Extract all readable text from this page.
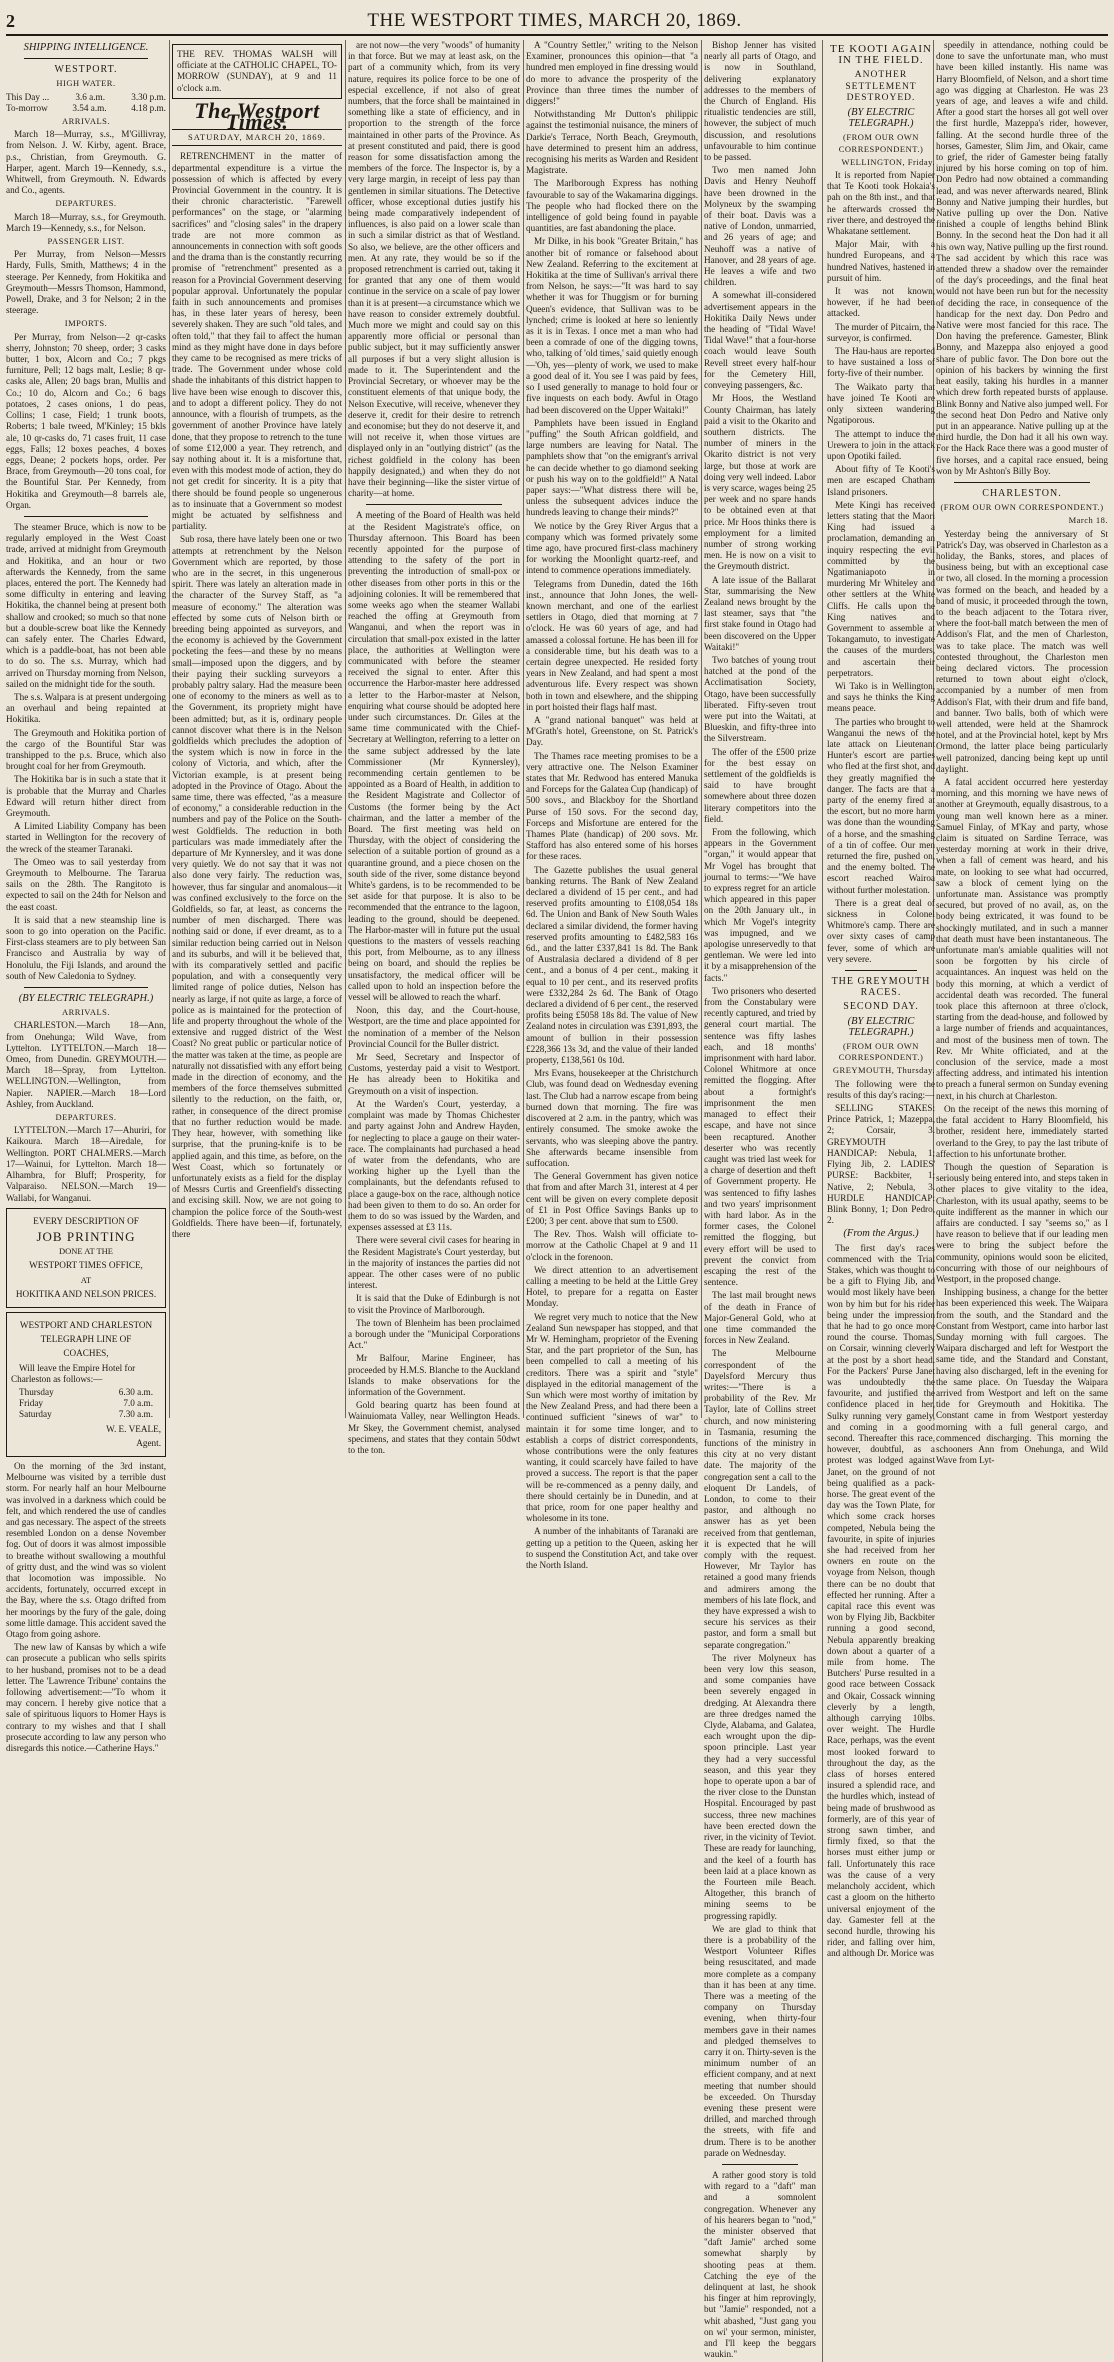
2	THE WESTPORT TIMES, MARCH 20, 1869.
SHIPPING INTELLIGENCE.
WESTPORT.
HIGH WATER.
This Day ...	3.6 a.m.	3.30 p.m.
To-morrow	3.54 a.m.	4.18 p.m.
ARRIVALS.

March 18—Murray, s.s., M'Gillivray, from Nelson. J. W. Kirby, agent. Brace, p.s., Christian, from Greymouth. G. Harper, agent. March 19—Kennedy, s.s., Whitwell, from Greymouth. N. Edwards and Co., agents.

DEPARTURES.

March 18—Murray, s.s., for Greymouth. March 19—Kennedy, s.s., for Nelson.

PASSENGER LIST.

Per Murray, from Nelson—Messrs Hardy, Fulls, Smith, Matthews; 4 in the steerage. Per Kennedy, from Hokitika and Greymouth—Messrs Thomson, Hammond, Powell, Drake, and 3 for Nelson; 2 in the steerage.

IMPORTS.

Per Murray, from Nelson—2 qr-casks sherry, Johnston; 70 sheep, order; 3 casks butter, 1 box, Alcorn and Co.; 7 pkgs furniture, Pell; 12 bags malt, Leslie; 8 qr-casks ale, Allen; 20 bags bran, Mullis and Co.; 10 do, Alcorn and Co.; 6 bags potatoes, 2 cases onions, 1 do peas, Collins; 1 case, Field; 1 trunk boots, Roberts; 1 bale tweed, M'Kinley; 15 bkls ale, 10 qr-casks do, 71 cases fruit, 11 case eggs, Falls; 12 boxes peaches, 4 boxes eggs, Deane; 2 pockets hops, order. Per Brace, from Greymouth—20 tons coal, for the Bountiful Star. Per Kennedy, from Hokitika and Greymouth—8 barrels ale, Organ.

The steamer Bruce, which is now to be regularly employed in the West Coast trade, arrived at midnight from Greymouth and Hokitika, and an hour or two afterwards the Kennedy, from the same places, entered the port. The Kennedy had some difficulty in entering and leaving Hokitika, the channel being at present both shallow and crooked; so much so that none but a double-screw boat like the Kennedy can safely enter. The Charles Edward, which is a paddle-boat, has not been able to do so. The s.s. Murray, which had arrived on Thursday morning from Nelson, sailed on the midnight tide for the south.

The s.s. Walpara is at present undergoing an overhaul and being repainted at Hokitika.

The Greymouth and Hokitika portion of the cargo of the Bountiful Star was transhipped to the p.s. Bruce, which also brought coal for her from Greymouth.

The Hokitika bar is in such a state that it is probable that the Murray and Charles Edward will return hither direct from Greymouth.

A Limited Liability Company has been started in Wellington for the recovery of the wreck of the steamer Taranaki.

The Omeo was to sail yesterday from Greymouth to Melbourne. The Tararua sails on the 28th. The Rangitoto is expected to sail on the 24th for Nelson and the east coast.

It is said that a new steamship line is soon to go into operation on the Pacific. First-class steamers are to ply between San Francisco and Australia by way of Honolulu, the Fiji Islands, and around the south of New Caledonia to Sydney.

(BY ELECTRIC TELEGRAPH.)
ARRIVALS.

CHARLESTON.—March 18—Ann, from Onehunga; Wild Wave, from Lyttelton. LYTTELTON.—March 18—Omeo, from Dunedin. GREYMOUTH.—March 18—Spray, from Lyttelton. WELLINGTON.—Wellington, from Napier. NAPIER.—March 18—Lord Ashley, from Auckland.

DEPARTURES.

LYTTELTON.—March 17—Ahuriri, for Kaikoura. March 18—Airedale, for Wellington. PORT CHALMERS.—March 17—Wainui, for Lyttelton. March 18—Alhambra, for Bluff; Prosperity, for Valparaiso. NELSON.—March 19—Wallabi, for Wanganui.

EVERY DESCRIPTION OF
JOB PRINTING
DONE AT THE
WESTPORT TIMES OFFICE,
AT
HOKITIKA AND NELSON PRICES.
WESTPORT AND CHARLESTON
TELEGRAPH LINE OF
COACHES,

Will leave the Empire Hotel for Charleston as follows:—

Thursday	6.30 a.m.
Friday	7.0 a.m.
Saturday	7.30 a.m.
W. E. VEALE,
Agent.

On the morning of the 3rd instant, Melbourne was visited by a terrible dust storm. For nearly half an hour Melbourne was involved in a darkness which could be felt, and which rendered the use of candles and gas necessary. The aspect of the streets resembled London on a dense November fog. Out of doors it was almost impossible to breathe without swallowing a mouthful of gritty dust, and the wind was so violent that locomotion was impossible. No accidents, fortunately, occurred except in the Bay, where the s.s. Otago drifted from her moorings by the fury of the gale, doing some little damage. This accident saved the Otago from going ashore.

The new law of Kansas by which a wife can prosecute a publican who sells spirits to her husband, promises not to be a dead letter. The 'Lawrence Tribune' contains the following advertisement:—"To whom it may concern. I hereby give notice that a sale of spirituous liquors to Homer Hays is contrary to my wishes and that I shall prosecute according to law any person who disregards this notice.—Catherine Hays."

THE REV. THOMAS WALSH will officiate at the CATHOLIC CHAPEL, TO-MORROW (SUNDAY), at 9 and 11 o'clock a.m.
The Westport Times.
SATURDAY, MARCH 20, 1869.

RETRENCHMENT in the matter of departmental expenditure is a virtue the possession of which is affected by every Provincial Government in the country. It is their chronic characteristic. "Farewell performances" on the stage, or "alarming sacrifices" and "closing sales" in the drapery trade are not more common as announcements in connection with soft goods and the drama than is the constantly recurring promise of "retrenchment" presented as a reason for a Provincial Government deserving popular approval. Unfortunately the popular faith in such announcements and promises has, in these later years of heresy, been severely shaken. They are such "old tales, and often told," that they fail to affect the human mind as they might have done in days before they came to be recognised as mere tricks of trade. The Government under whose cold shade the inhabitants of this district happen to live have been wise enough to discover this, and to adopt a different policy. They do not announce, with a flourish of trumpets, as the government of another Province have lately done, that they propose to retrench to the tune of some £12,000 a year. They retrench, and say nothing about it. It is a misfortune that, even with this modest mode of action, they do not get credit for sincerity. It is a pity that there should be found people so ungenerous as to insinuate that a Government so modest might be actuated by selfishness and partiality.

Sub rosa, there have lately been one or two attempts at retrenchment by the Nelson Government which are reported, by those who are in the secret, in this ungenerous spirit. There was lately an alteration made in the character of the Survey Staff, as "a measure of economy." The alteration was effected by some cuts of Nelson birth or breeding being appointed as surveyors, and the economy is achieved by the Government pocketing the fees—and these by no means small—imposed upon the diggers, and by their paying their suckling surveyors a probably paltry salary. Had the measure been one of economy to the miners as well as to the Government, its propriety might have been admitted; but, as it is, ordinary people cannot discover what there is in the Nelson goldfields which precludes the adoption of the system which is now in force in the colony of Victoria, and which, after the Victorian example, is at present being adopted in the Province of Otago. About the same time, there was effected, "as a measure of economy," a considerable reduction in the numbers and pay of the Police on the South-west Goldfields. The reduction in both particulars was made immediately after the departure of Mr Kynnersley, and it was done very quietly. We do not say that it was not also done very fairly. The reduction was, however, thus far singular and anomalous—it was confined exclusively to the force on the Goldfields, so far, at least, as concerns the number of men discharged. There was nothing said or done, if ever dreamt, as to a similar reduction being carried out in Nelson and its suburbs, and will it be believed that, with its comparatively settled and pacific population, and with a consequently very limited range of police duties, Nelson has nearly as large, if not quite as large, a force of police as is maintained for the protection of life and property throughout the whole of the extensive and rugged district of the West Coast? No great public or particular notice of the matter was taken at the time, as people are naturally not dissatisfied with any effort being made in the direction of economy, and the members of the force themselves submitted silently to the reduction, on the faith, or, rather, in consequence of the direct promise that no further reduction would be made. They hear, however, with something like surprise, that the pruning-knife is to be applied again, and this time, as before, on the West Coast, which so fortunately or unfortunately exists as a field for the display of Messrs Curtis and Greenfield's dissecting and excising skill. Now, we are not going to champion the police force of the South-west Goldfields. There have been—if, fortunately, there

are not now—the very "woods" of humanity in that force. But we may at least ask, on the part of a community which, from its very nature, requires its police force to be one of especial excellence, if not also of great numbers, that the force shall be maintained in something like a state of efficiency, and in proportion to the strength of the force maintained in other parts of the Province. As at present constituted and paid, there is good reason for some dissatisfaction among the members of the force. The Inspector is, by a very large margin, in receipt of less pay than gentlemen in similar situations. The Detective officer, whose exceptional duties justify his being made comparatively independent of influences, is also paid on a lower scale than in such a similar district as that of Westland. So also, we believe, are the other officers and men. At any rate, they would be so if the proposed retrenchment is carried out, taking it for granted that any one of them would continue in the service on a scale of pay lower than it is at present—a circumstance which we have reason to consider extremely doubtful. Much more we might and could say on this apparently more official or personal than public subject, but it may sufficiently answer all purposes if but a very slight allusion is made to it. The Superintendent and the Provincial Secretary, or whoever may be the constituent elements of that unique body, the Nelson Executive, will receive, whenever they deserve it, credit for their desire to retrench and economise; but they do not deserve it, and will not receive it, when those virtues are displayed only in an "outlying district" (as the richest goldfield in the colony has been happily designated,) and when they do not have their beginning—like the sister virtue of charity—at home.

A meeting of the Board of Health was held at the Resident Magistrate's office, on Thursday afternoon. This Board has been recently appointed for the purpose of attending to the safety of the port in preventing the introduction of small-pox or other diseases from other ports in this or the adjoining colonies. It will be remembered that some weeks ago when the steamer Wallabi reached the offing at Greymouth from Wanganui, and when the report was in circulation that small-pox existed in the latter place, the authorities at Wellington were communicated with before the steamer received the signal to enter. After this occurrence the Harbor-master here addressed a letter to the Harbor-master at Nelson, enquiring what course should be adopted here under such circumstances. Dr. Giles at the same time communicated with the Chief-Secretary at Wellington, referring to a letter on the same subject addressed by the late Commissioner (Mr Kynnersley), recommending certain gentlemen to be appointed as a Board of Health, in addition to the Resident Magistrate and Collector of Customs (the former being by the Act chairman, and the latter a member of the Board. The first meeting was held on Thursday, with the object of considering the selection of a suitable portion of ground as a quarantine ground, and a piece chosen on the south side of the river, some distance beyond White's gardens, is to be recommended to be set aside for that purpose. It is also to be recommended that the entrance to the lagoon, leading to the ground, should be deepened. The Harbor-master will in future put the usual questions to the masters of vessels reaching this port, from Melbourne, as to any illness being on board, and should the replies be unsatisfactory, the medical officer will be called upon to hold an inspection before the vessel will be allowed to reach the wharf.

Noon, this day, and the Court-house, Westport, are the time and place appointed for the nomination of a member of the Nelson Provincial Council for the Buller district.

Mr Seed, Secretary and Inspector of Customs, yesterday paid a visit to Westport. He has already been to Hokitika and Greymouth on a visit of inspection.

At the Warden's Court, yesterday, a complaint was made by Thomas Chichester and party against John and Andrew Hayden, for neglecting to place a gauge on their water-race. The complainants had purchased a head of water from the defendants, who are working higher up the Lyell than the complainants, but the defendants refused to place a gauge-box on the race, although notice had been given to them to do so. An order for them to do so was issued by the Warden, and expenses assessed at £3 11s.

There were several civil cases for hearing in the Resident Magistrate's Court yesterday, but in the majority of instances the parties did not appear. The other cases were of no public interest.

It is said that the Duke of Edinburgh is not to visit the Province of Marlborough.

The town of Blenheim has been proclaimed a borough under the "Municipal Corporations Act."

Mr Balfour, Marine Engineer, has proceeded by H.M.S. Blanche to the Auckland Islands to make observations for the information of the Government.

Gold bearing quartz has been found at Wainuiomata Valley, near Wellington Heads. Mr Skey, the Government chemist, analysed specimens, and states that they contain 50dwt to the ton.

A "Country Settler," writing to the Nelson Examiner, pronounces this opinion—that "a hundred men employed in fine dressing would do more to advance the prosperity of the Province than three times the number of diggers!"

Notwithstanding Mr Dutton's philippic against the testimonial nuisance, the miners of Darkie's Terrace, North Beach, Greymouth, have determined to present him an address, recognising his merits as Warden and Resident Magistrate.

The Marlborough Express has nothing favourable to say of the Wakamarina diggings. The people who had flocked there on the intelligence of gold being found in payable quantities, are fast abandoning the place.

Mr Dilke, in his book "Greater Britain," has another bit of romance or falsehood about New Zealand. Referring to the excitement at Hokitika at the time of Sullivan's arrival there from Nelson, he says:—"It was hard to say whether it was for Thuggism or for burning Queen's evidence, that Sullivan was to be lynched; crime is looked at here so leniently as it is in Texas. I once met a man who had been a comrade of one of the digging towns, who, talking of 'old times,' said quietly enough—'Oh, yes—plenty of work, we used to make a good deal of it. You see I was paid by fees, so I used generally to manage to hold four or five inquests on each body. Awful in Otago had been discovered on the Upper Waitaki!"

Pamphlets have been issued in England "puffing" the South African goldfield, and large numbers are leaving for Natal. The pamphlets show that "on the emigrant's arrival he can decide whether to go diamond seeking or push his way on to the goldfield!" A Natal paper says:—"What distress there will be, unless the subsequent advices induce the hundreds leaving to change their minds?"

We notice by the Grey River Argus that a company which was formed privately some time ago, have procured first-class machinery for working the Moonlight quartz-reef, and intend to commence operations immediately.

Telegrams from Dunedin, dated the 16th inst., announce that John Jones, the well-known merchant, and one of the earliest settlers in Otago, died that morning at 7 o'clock. He was 60 years of age, and had amassed a colossal fortune. He has been ill for a considerable time, but his death was to a certain degree unexpected. He resided forty years in New Zealand, and had spent a most adventurous life. Every respect was shown both in town and elsewhere, and the shipping in port hoisted their flags half mast.

A "grand national banquet" was held at M'Grath's hotel, Greenstone, on St. Patrick's Day.

The Thames race meeting promises to be a very attractive one. The Nelson Examiner states that Mr. Redwood has entered Manuka and Forceps for the Galatea Cup (handicap) of 500 sovs., and Blackboy for the Shortland Purse of 150 sovs. For the second day, Forceps and Misfortune are entered for the Thames Plate (handicap) of 200 sovs. Mr. Stafford has also entered some of his horses for these races.

The Gazette publishes the usual general banking returns. The Bank of New Zealand declared a dividend of 15 per cent., and had reserved profits amounting to £108,054 18s 6d. The Union and Bank of New South Wales declared a similar dividend, the former having reserved profits amounting to £482,583 16s 6d., and the latter £337,841 1s 8d. The Bank of Australasia declared a dividend of 8 per cent., and a bonus of 4 per cent., making it equal to 10 per cent., and its reserved profits were £332,284 2s 6d. The Bank of Otago declared a dividend of 6 per cent., the reserved profits being £5058 18s 8d. The value of New Zealand notes in circulation was £391,893, the amount of bullion in their possession £228,366 13s 3d, and the value of their landed property, £138,561 0s 10d.

Mrs Evans, housekeeper at the Christchurch Club, was found dead on Wednesday evening last. The Club had a narrow escape from being burned down that morning. The fire was discovered at 2 a.m. in the pantry, which was entirely consumed. The smoke awoke the servants, who was sleeping above the pantry. She afterwards became insensible from suffocation.

The General Government has given notice that from and after March 31, interest at 4 per cent will be given on every complete deposit of £1 in Post Office Savings Banks up to £200; 3 per cent. above that sum to £500.

The Rev. Thos. Walsh will officiate to-morrow at the Catholic Chapel at 9 and 11 o'clock in the forenoon.

We direct attention to an advertisement calling a meeting to be held at the Little Grey Hotel, to prepare for a regatta on Easter Monday.

We regret very much to notice that the New Zealand Sun newspaper has stopped, and that Mr W. Hemingham, proprietor of the Evening Star, and the part proprietor of the Sun, has been compelled to call a meeting of his creditors. There was a spirit and "style" displayed in the editorial management of the Sun which were most worthy of imitation by the New Zealand Press, and had there been a continued sufficient "sinews of war" to maintain it for some time longer, and to establish a corps of district correspondents, whose contributions were the only features wanting, it could scarcely have failed to have proved a success. The report is that the paper will be re-commenced as a penny daily, and there should certainly be in Dunedin, and at that price, room for one paper healthy and wholesome in its tone.

A number of the inhabitants of Taranaki are getting up a petition to the Queen, asking her to suspend the Constitution Act, and take over the North Island.

Bishop Jenner has visited nearly all parts of Otago, and is now in Southland, delivering explanatory addresses to the members of the Church of England. His ritualistic tendencies are still, however, the subject of much discussion, and resolutions unfavourable to him continue to be passed.

Two men named John Davis and Henry Neuhoff have been drowned in the Molyneux by the swamping of their boat. Davis was a native of London, unmarried, and 26 years of age; and Neuhoff was a native of Hanover, and 28 years of age. He leaves a wife and two children.

A somewhat ill-considered advertisement appears in the Hokitika Daily News under the heading of "Tidal Wave! Tidal Wave!" that a four-horse coach would leave South Revell street every half-hour for the Cemetery Hill, conveying passengers, &c.

Mr Hoos, the Westland County Chairman, has lately paid a visit to the Okarito and southern districts. The number of miners in the Okarito district is not very large, but those at work are doing very well indeed. Labor is very scarce, wages being 25 per week and no spare hands to be obtained even at that price. Mr Hoos thinks there is employment for a limited number of strong working men. He is now on a visit to the Greymouth district.

A late issue of the Ballarat Star, summarising the New Zealand news brought by the last steamer, says that "the first stake found in Otago had been discovered on the Upper Waitaki!"

Two batches of young trout hatched at the pond of the Acclimatisation Society, Otago, have been successfully liberated. Fifty-seven trout were put into the Waitati, at Blueskin, and fifty-three into the Silverstream.

The offer of the £500 prize for the best essay on settlement of the goldfields is said to have brought somewhere about three dozen literary competitors into the field.

From the following, which appears in the Government "organ," it would appear that Mr Vogel has brought that journal to terms:—"We have to express regret for an article which appeared in this paper on the 20th January ult., in which Mr Vogel's integrity was impugned, and we apologise unreservedly to that gentleman. We were led into it by a misapprehension of the facts."

Two prisoners who deserted from the Constabulary were recently captured, and tried by general court martial. The sentence was fifty lashes each, and 18 months' imprisonment with hard labor. Colonel Whitmore at once remitted the flogging. After about a fortnight's imprisonment the men managed to effect their escape, and have not since been recaptured. Another deserter who was recently caught was tried last week for a charge of desertion and theft of Government property. He was sentenced to fifty lashes and two years' imprisonment with hard labor. As in the former cases, the Colonel remitted the flogging, but every effort will be used to prevent the convict from escaping the rest of the sentence.

The last mail brought news of the death in France of Major-General Gold, who at one time commanded the forces in New Zealand.

The Melbourne correspondent of the Dayelsford Mercury thus writes:—"There is a probability of the Rev. Mr Taylor, late of Collins street church, and now ministering in Tasmania, resuming the functions of the ministry in this city at no very distant date. The majority of the congregation sent a call to the eloquent Dr Landels, of London, to come to their pastor, and although no answer has as yet been received from that gentleman, it is expected that he will comply with the request. However, Mr Taylor has retained a good many friends and admirers among the members of his late flock, and they have expressed a wish to secure his services as their pastor, and form a small but separate congregation."

The river Molyneux has been very low this season, and some companies have been severely engaged in dredging. At Alexandra there are three dredges named the Clyde, Alabama, and Galatea, each wrought upon the dip-spoon principle. Last year they had a very successful season, and this year they hope to operate upon a bar of the river close to the Dunstan Hospital. Encouraged by past success, three new machines have been erected down the river, in the vicinity of Teviot. These are ready for launching, and the keel of a fourth has been laid at a place known as the Fourteen mile Beach. Altogether, this branch of mining seems to be progressing rapidly.

We are glad to think that there is a probability of the Westport Volunteer Rifles being resuscitated, and made more complete as a company than it has been at any time. There was a meeting of the company on Thursday evening, when thirty-four members gave in their names and pledged themselves to carry it on. Thirty-seven is the minimum number of an efficient company, and at next meeting that number should be exceeded. On Thursday evening these present were drilled, and marched through the streets, with fife and drum. There is to be another parade on Wednesday.

A rather good story is told with regard to a "daft" man and a somnolent congregation. Whenever any of his hearers began to "nod," the minister observed that "daft Jamie" arched some somewhat sharply by shooting peas at them. Catching the eye of the delinquent at last, he shook his finger at him reprovingly, but "Jamie" responded, not a whit abashed, "Just gang you on wi' your sermon, minister, and I'll keep the beggars waukin."

TE KOOTI AGAIN IN THE FIELD.
ANOTHER SETTLEMENT DESTROYED.
(BY ELECTRIC TELEGRAPH.)
(FROM OUR OWN CORRESPONDENT.)
WELLINGTON, Friday.

It is reported from Napier that Te Kooti took Hokaia's pah on the 8th inst., and that he afterwards crossed the river there, and destroyed the Whakatane settlement.

Major Mair, with a hundred Europeans, and a hundred Natives, hastened in pursuit of him.

It was not known, however, if he had been attacked.

The murder of Pitcairn, the surveyor, is confirmed.

The Hau-haus are reported to have sustained a loss of forty-five of their number.

The Waikato party that have joined Te Kooti are only sixteen wandering Ngatiporous.

The attempt to induce the Urewera to join in the attack upon Opotiki failed.

About fifty of Te Kooti's men are escaped Chatham Island prisoners.

Mete Kingi has received letters stating that the Maori King had issued a proclamation, demanding an inquiry respecting the evil committed by the Ngatimaniapoto in murdering Mr Whiteley and other settlers at the White Cliffs. He calls upon the King natives and Government to assemble at Tokangamuto, to investigate the causes of the murders, and ascertain their perpetrators.

Wi Tako is in Wellington, and says he thinks the King means peace.

The parties who brought to Wanganui the news of the late attack on Lieutenant Hunter's escort are parties who fled at the first shot, and they greatly magnified the danger. The facts are that a party of the enemy fired at the escort, but no more harm was done than the wounding of a horse, and the smashing of a tin of coffee. Our men returned the fire, pushed on, and the enemy bolted. The escort reached Wairoa without further molestation.

There is a great deal of sickness in Colonel Whitmore's camp. There are over sixty cases of camp fever, some of which are very severe.

THE GREYMOUTH RACES.
SECOND DAY.
(BY ELECTRIC TELEGRAPH.)
(FROM OUR OWN CORRESPONDENT.)
GREYMOUTH, Thursday.

The following were the results of this day's racing:—

SELLING STAKES: Prince Patrick, 1; Mazeppa, 2; Corsair, 3. GREYMOUTH HANDICAP: Nebula, 1; Flying Jib, 2. LADIES' PURSE: Backbiter, 1; Native, 2; Nebula, 3. HURDLE HANDICAP: Blink Bonny, 1; Don Pedro, 2.

(From the Argus.)

The first day's races commenced with the Trial Stakes, which was thought to be a gift to Flying Jib, and would most likely have been won by him but for his rider being under the impression that he had to go once more round the course. Thomas, on Corsair, winning cleverly at the post by a short head. For the Packers' Purse Janet was undoubtedly the favourite, and justified the confidence placed in her, Sulky running very gamely, and coming in a good second. Thereafter this race, however, doubtful, as a protest was lodged against Janet, on the ground of not being qualified as a pack-horse. The great event of the day was the Town Plate, for which some crack horses competed, Nebula being the favourite, in spite of injuries she had received from her owners en route on the voyage from Nelson, though there can be no doubt that effected her running. After a capital race this event was won by Flying Jib, Backbiter running a good second, Nebula apparently breaking down about a quarter of a mile from home. The Butchers' Purse resulted in a good race between Cossack and Okair, Cossack winning cleverly by a length, although carrying 10lbs. over weight. The Hurdle Race, perhaps, was the event most looked forward to throughout the day, as the class of horses entered insured a splendid race, and the hurdles which, instead of being made of brushwood as formerly, are of this year of strong sawn timber, and firmly fixed, so that the horses must either jump or fall. Unfortunately this race was the cause of a very melancholy accident, which cast a gloom on the hitherto universal enjoyment of the day. Gamester fell at the second hurdle, throwing his rider, and falling over him, and although Dr. Morice was

speedily in attendance, nothing could be done to save the unfortunate man, who must have been killed instantly. His name was Harry Bloomfield, of Nelson, and a short time ago was digging at Charleston. He was 23 years of age, and leaves a wife and child. After a good start the horses all got well over the first hurdle, Mazeppa's rider, however, falling. At the second hurdle three of the horses, Gamester, Slim Jim, and Okair, came to grief, the rider of Gamester being fatally injured by his horse coming on top of him. Don Pedro had now obtained a commanding lead, and was never afterwards neared, Blink Bonny and Native jumping their hurdles, but Native pulling up over the Don. Native finished a couple of lengths behind Blink Bonny. In the second heat the Don had it all his own way, Native pulling up the first round. The sad accident by which this race was attended threw a shadow over the remainder of the day's proceedings, and the final heat would not have been run but for the necessity of deciding the race, in consequence of the handicap for the next day. Don Pedro and Native were most fancied for this race. The Don having the preference. Gamester, Blink Bonny, and Mazeppa also enjoyed a good share of public favor. The Don bore out the opinion of his backers by winning the first heat easily, taking his hurdles in a manner which drew forth repeated bursts of applause. Blink Bonny and Native also jumped well. For the second heat Don Pedro and Native only put in an appearance. Native pulling up at the third hurdle, the Don had it all his own way. For the Hack Race there was a good muster of five horses, and a capital race ensued, being won by Mr Ashton's Billy Boy.

CHARLESTON.
(FROM OUR OWN CORRESPONDENT.)
March 18.

Yesterday being the anniversary of St Patrick's Day, was observed in Charleston as a holiday, the Banks, stores, and places of business being, but with an exceptional case or two, all closed. In the morning a procession was formed on the beach, and headed by a band of music, it proceeded through the town, to the beach adjacent to the Totara river, where the foot-ball match between the men of Addison's Flat, and the men of Charleston, was to take place. The match was well contested throughout, the Charleston men being declared victors. The procession returned to town about eight o'clock, accompanied by a number of men from Addison's Flat, with their drum and fife band, and banner. Two balls, both of which were well attended, were held at the Shamrock hotel, and at the Provincial hotel, kept by Mrs Ormond, the latter place being particularly well patronized, dancing being kept up until daylight.

A fatal accident occurred here yesterday morning, and this morning we have news of another at Greymouth, equally disastrous, to a young man well known here as a miner. Samuel Finlay, of M'Kay and party, whose claim is situated on Sardine Terrace, was yesterday morning at work in their drive, when a fall of cement was heard, and his mate, on looking to see what had occurred, saw a block of cement lying on the unfortunate man. Assistance was promptly secured, but proved of no avail, as, on the body being extricated, it was found to be shockingly mutilated, and in such a manner that death must have been instantaneous. The unfortunate man's amiable qualities will not soon be forgotten by his circle of acquaintances. An inquest was held on the body this morning, at which a verdict of accidental death was recorded. The funeral took place this afternoon at three o'clock, starting from the dead-house, and followed by a large number of friends and acquaintances, and most of the business men of town. The Rev. Mr White officiated, and at the conclusion of the service, made a most affecting address, and intimated his intention to preach a funeral sermon on Sunday evening next, in his church at Charleston.

On the receipt of the news this morning of the fatal accident to Harry Bloomfield, his brother, resident here, immediately started overland to the Grey, to pay the last tribute of affection to his unfortunate brother.

Though the question of Separation is seriously being entered into, and steps taken in other places to give vitality to the idea, Charleston, with its usual apathy, seems to be quite indifferent as the manner in which our affairs are conducted. I say "seems so," as I have reason to believe that if our leading men were to bring the subject before the community, opinions would soon be elicited, concurring with those of our neighbours of Westport, in the proposed change.

Inshipping business, a change for the better has been experienced this week. The Waipara from the south, and the Standard and the Constant from Westport, came into harbor last Sunday morning with full cargoes. The Waipara discharged and left for Westport the same tide, and the Standard and Constant, having also discharged, left in the evening for the same place. On Tuesday the Waipara arrived from Westport and left on the same tide for Greymouth and Hokitika. The Constant came in from Westport yesterday morning with a full general cargo, and commenced discharging. This morning the schooners Ann from Onehunga, and Wild Wave from Lyt-
